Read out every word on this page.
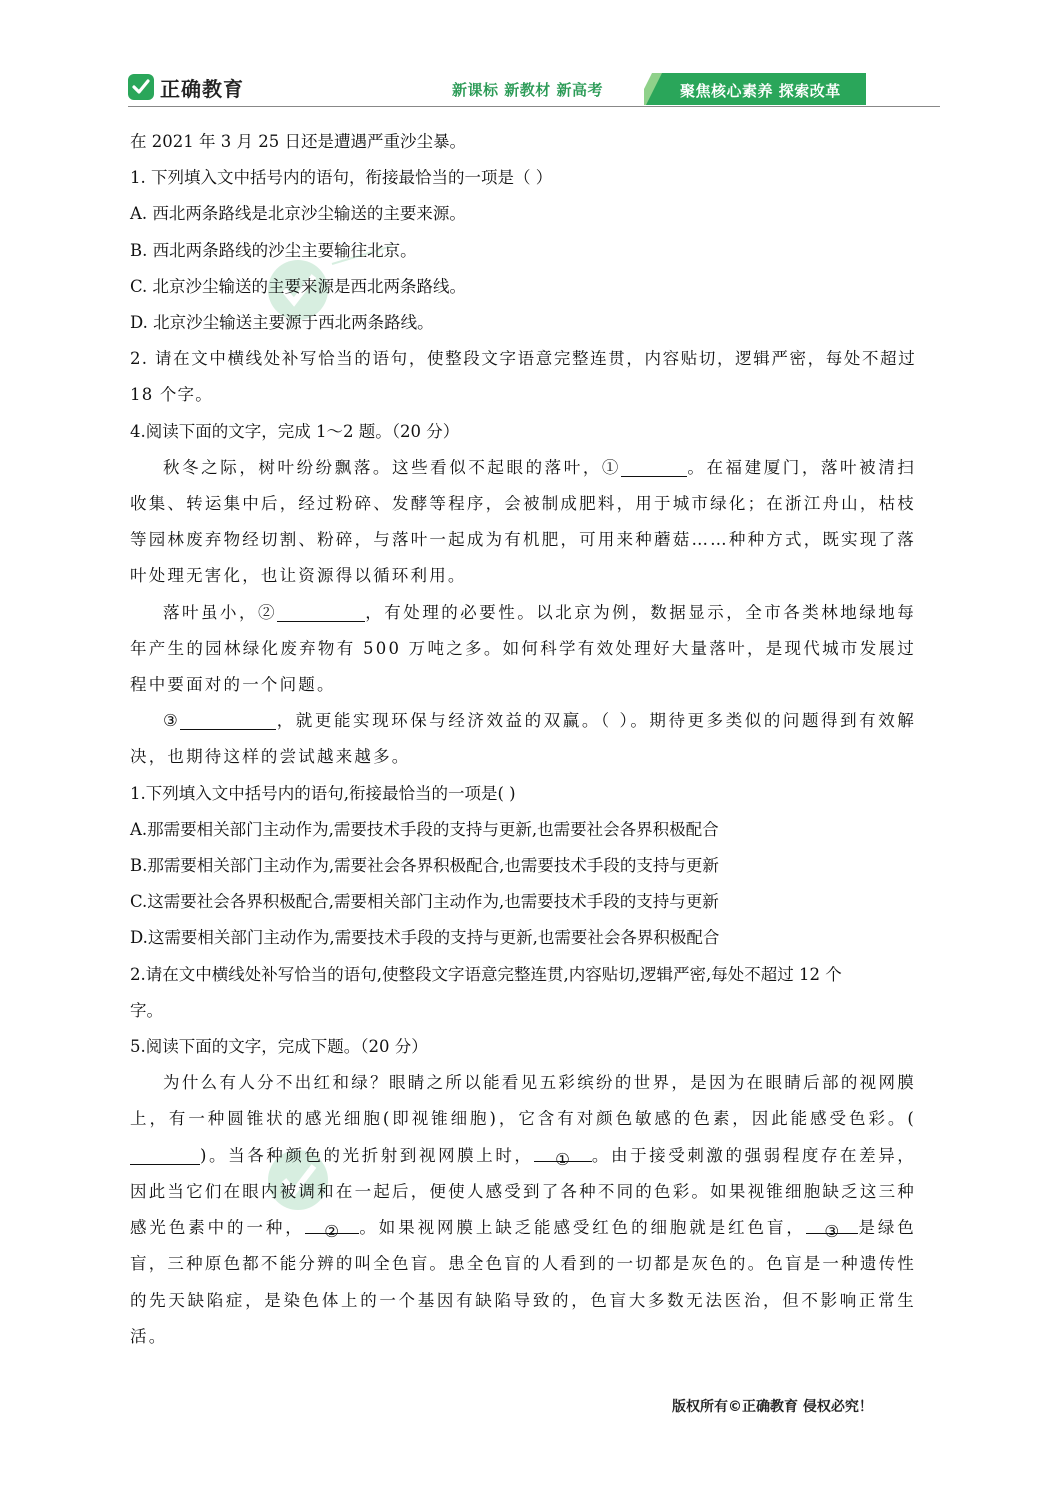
正确教育	新课标 新教材 新高考	聚焦核心素养 探索改革
在 2021 年 3 月 25 日还是遭遇严重沙尘暴。
1. 下列填入文中括号内的语句，衔接最恰当的一项是（ ）
A. 西北两条路线是北京沙尘输送的主要来源。
B. 西北两条路线的沙尘主要输往北京。
C. 北京沙尘输送的主要来源是西北两条路线。
D. 北京沙尘输送主要源于西北两条路线。
2. 请在文中横线处补写恰当的语句，使整段文字语意完整连贯，内容贴切，逻辑严密，每处不超过 18 个字。
4.阅读下面的文字，完成 1～2 题。（20 分）
秋冬之际，树叶纷纷飘落。这些看似不起眼的落叶，①	。在福建厦门，落叶被清扫收集、转运集中后，经过粉碎、发酵等程序，会被制成肥料，用于城市绿化；在浙江舟山，枯枝等园林废弃物经切割、粉碎，与落叶一起成为有机肥，可用来种蘑菇……种种方式，既实现了落叶处理无害化，也让资源得以循环利用。
落叶虽小，②	，有处理的必要性。以北京为例，数据显示，全市各类林地绿地每年产生的园林绿化废弃物有 500 万吨之多。如何科学有效处理好大量落叶，是现代城市发展过程中要面对的一个问题。
③	，就更能实现环保与经济效益的双赢。（ ）。期待更多类似的问题得到有效解决，也期待这样的尝试越来越多。
1.下列填入文中括号内的语句,衔接最恰当的一项是( )
A.那需要相关部门主动作为,需要技术手段的支持与更新,也需要社会各界积极配合
B.那需要相关部门主动作为,需要社会各界积极配合,也需要技术手段的支持与更新
C.这需要社会各界积极配合,需要相关部门主动作为,也需要技术手段的支持与更新
D.这需要相关部门主动作为,需要技术手段的支持与更新,也需要社会各界积极配合
2.请在文中横线处补写恰当的语句,使整段文字语意完整连贯,内容贴切,逻辑严密,每处不超过 12 个
字。
5.阅读下面的文字，完成下题。（20 分）
为什么有人分不出红和绿？眼睛之所以能看见五彩缤纷的世界，是因为在眼睛后部的视网膜上，有一种圆锥状的感光细胞(即视锥细胞)，它含有对颜色敏感的色素，因此能感受色彩。()。当各种颜色的光折射到视网膜上时， ① 。由于接受刺激的强弱程度存在差异，因此当它们在眼内被调和在一起后，便使人感受到了各种不同的色彩。如果视锥细胞缺乏这三种感光色素中的一种， ② 。如果视网膜上缺乏能感受红色的细胞就是红色盲， ③ 是绿色盲，三种原色都不能分辨的叫全色盲。患全色盲的人看到的一切都是灰色的。色盲是一种遗传性的先天缺陷症，是染色体上的一个基因有缺陷导致的，色盲大多数无法医治，但不影响正常生活。
版权所有©正确教育 侵权必究！
